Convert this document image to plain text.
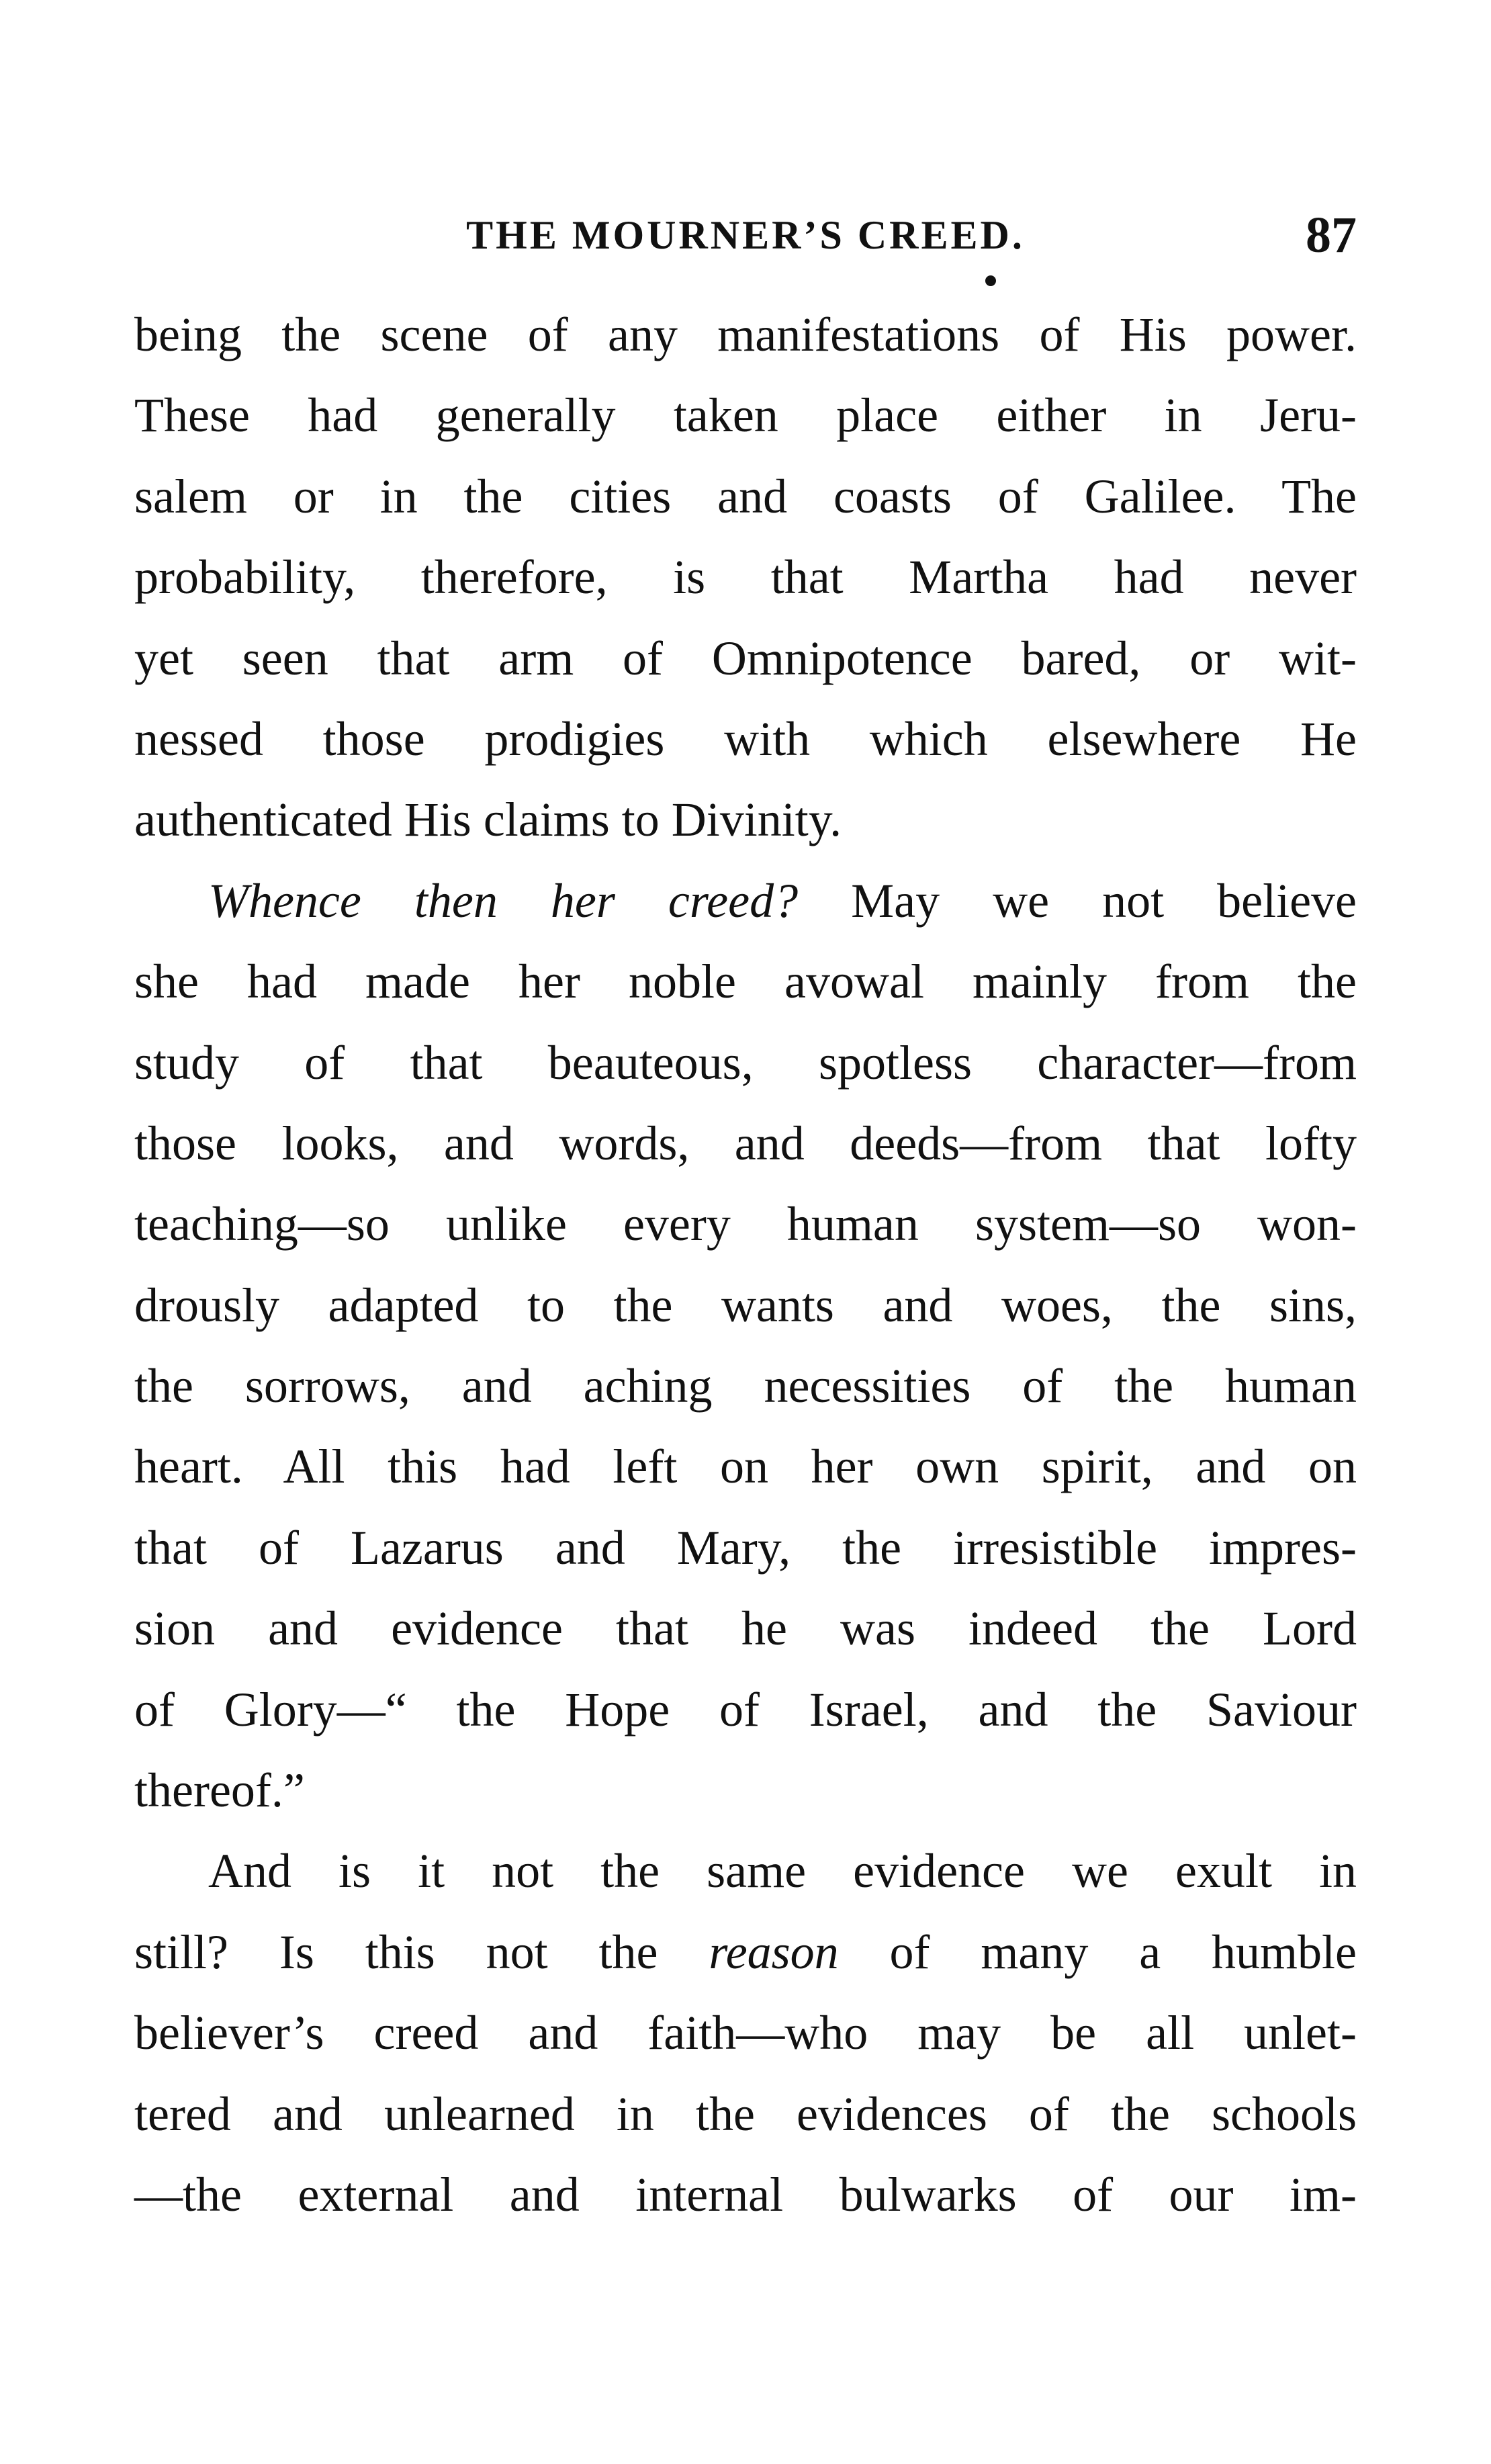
THE MOURNER’S CREED.	87

being the scene of any manifestations of His power.
These had generally taken place either in Jeru-
salem or in the cities and coasts of Galilee. The
probability, therefore, is that Martha had never
yet seen that arm of Omnipotence bared, or wit-
nessed those prodigies with which elsewhere He
authenticated His claims to Divinity.

Whence then her creed? May we not believe
she had made her noble avowal mainly from the
study of that beauteous, spotless character—from
those looks, and words, and deeds—from that lofty
teaching—so unlike every human system—so won-
drously adapted to the wants and woes, the sins,
the sorrows, and aching necessities of the human
heart. All this had left on her own spirit, and on
that of Lazarus and Mary, the irresistible impres-
sion and evidence that he was indeed the Lord
of Glory—“ the Hope of Israel, and the Saviour
thereof.”

And is it not the same evidence we exult in
still? Is this not the reason of many a humble
believer’s creed and faith—who may be all unlet-
tered and unlearned in the evidences of the schools
—the external and internal bulwarks of our im-
